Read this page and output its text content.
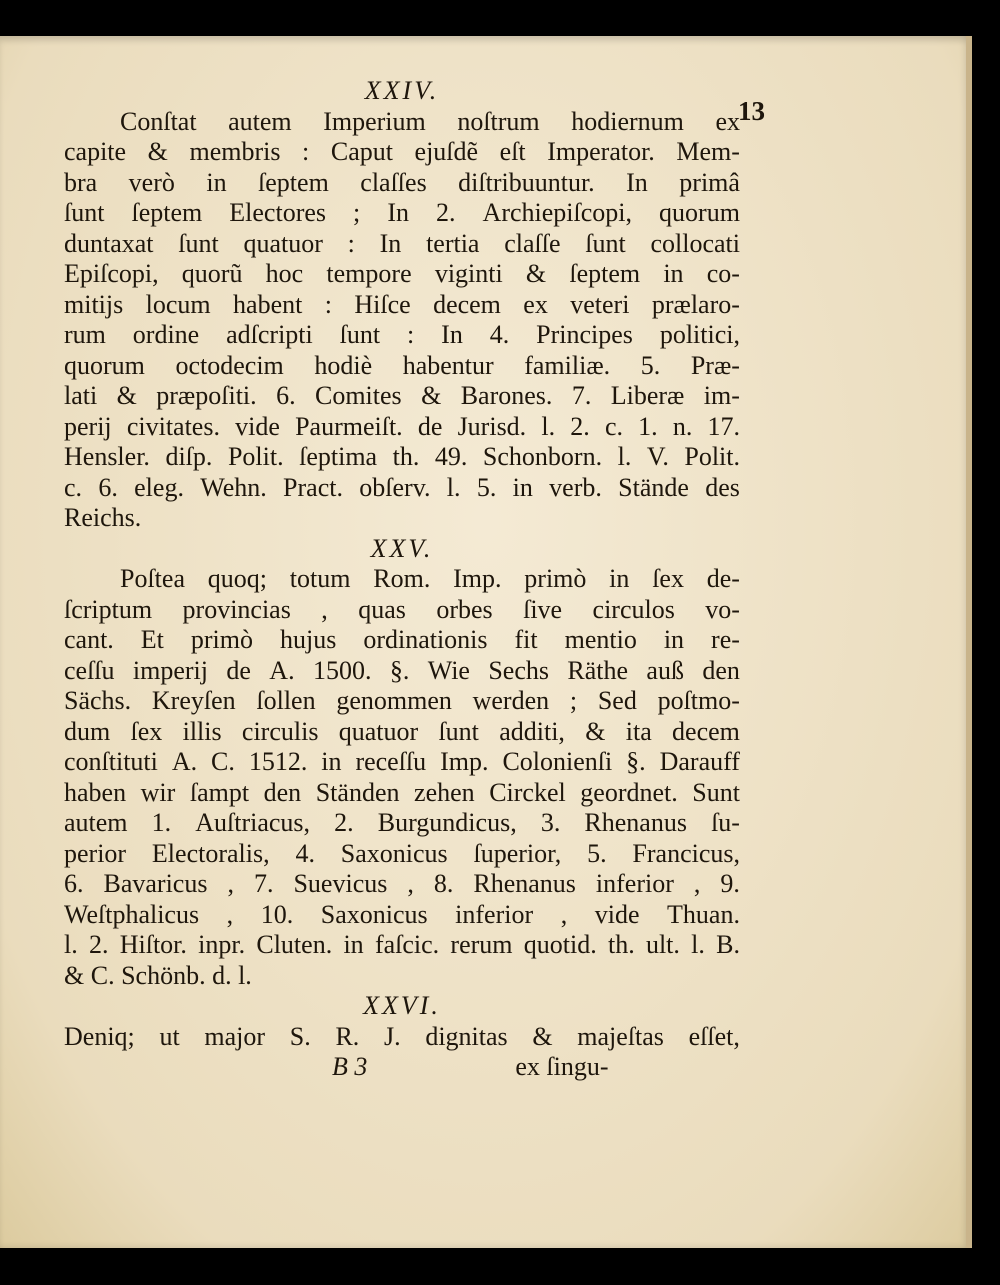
13
XXIV.
Conſtat autem Imperium noſtrum hodiernum ex
capite & membris : Caput ejuſdẽ eſt Imperator. Mem-
bra verò in ſeptem claſſes diſtribuuntur. In primâ
ſunt ſeptem Electores ; In 2. Archiepiſcopi, quorum
duntaxat ſunt quatuor : In tertia claſſe ſunt collocati
Epiſcopi, quorũ hoc tempore viginti & ſeptem in co-
mitijs locum habent : Hiſce decem ex veteri prælaro-
rum ordine adſcripti ſunt : In 4. Principes politici,
quorum octodecim hodiè habentur familiæ. 5. Præ-
lati & præpoſiti. 6. Comites & Barones. 7. Liberæ im-
perij civitates. vide Paurmeiſt. de Jurisd. l. 2. c. 1. n. 17.
Hensler. diſp. Polit. ſeptima th. 49. Schonborn. l. V. Polit.
c. 6. eleg. Wehn. Pract. obſerv. l. 5. in verb. Stände des
Reichs.
XXV.
Poſtea quoq; totum Rom. Imp. primò in ſex de-
ſcriptum provincias , quas orbes ſive circulos vo-
cant. Et primò hujus ordinationis fit mentio in re-
ceſſu imperij de A. 1500. §. Wie Sechs Räthe auß den
Sächs. Kreyſen ſollen genommen werden ; Sed poſtmo-
dum ſex illis circulis quatuor ſunt additi, & ita decem
conſtituti A. C. 1512. in receſſu Imp. Colonienſi §. Darauff
haben wir ſampt den Ständen zehen Circkel geordnet. Sunt
autem 1. Auſtriacus, 2. Burgundicus, 3. Rhenanus ſu-
perior Electoralis, 4. Saxonicus ſuperior, 5. Francicus,
6. Bavaricus , 7. Suevicus , 8. Rhenanus inferior , 9.
Weſtphalicus , 10. Saxonicus inferior , vide Thuan.
l. 2. Hiſtor. inpr. Cluten. in faſcic. rerum quotid. th. ult. l. B.
& C. Schönb. d. l.
XXVI.
Deniq; ut major S. R. J. dignitas & majeſtas eſſet,
B 3	ex ſingu-
